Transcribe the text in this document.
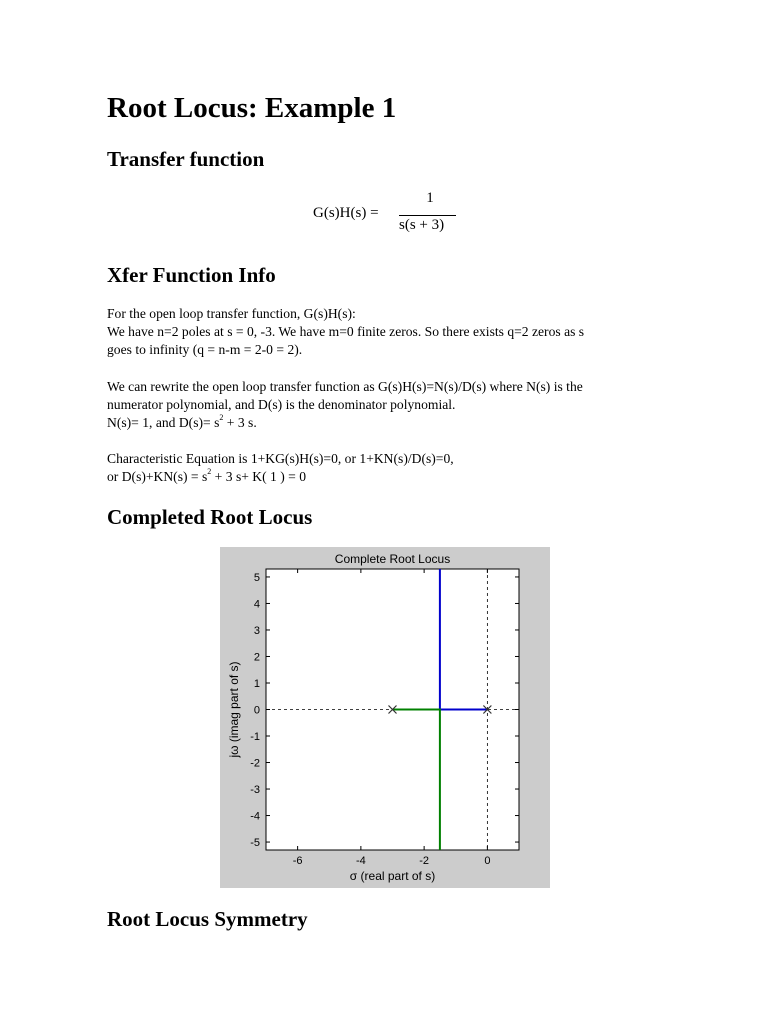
Root Locus: Example 1
Transfer function
G(s)H(s) =
1
s(s + 3)
Xfer Function Info
For the open loop transfer function, G(s)H(s):
We have n=2 poles at s = 0, -3. We have m=0 finite zeros. So there exists q=2 zeros as s
goes to infinity (q = n-m = 2-0 = 2).
We can rewrite the open loop transfer function as G(s)H(s)=N(s)/D(s) where N(s) is the
numerator polynomial, and D(s) is the denominator polynomial.
N(s)= 1, and $D(s)= s^2 + 3$ s.
Characteristic Equation is 1+KG(s)H(s)=0, or 1+KN(s)/D(s)=0,
or $D(s)+KN(s) = s^2 + 3$ s+ K( 1 ) = 0
Completed Root Locus
-6	-4	-2	0
5
4
3
2
1
0
-1
-2
-3
-4
-5
Complete Root Locus
σ (real part of s)
jω (imag part of s)
Root Locus Symmetry
